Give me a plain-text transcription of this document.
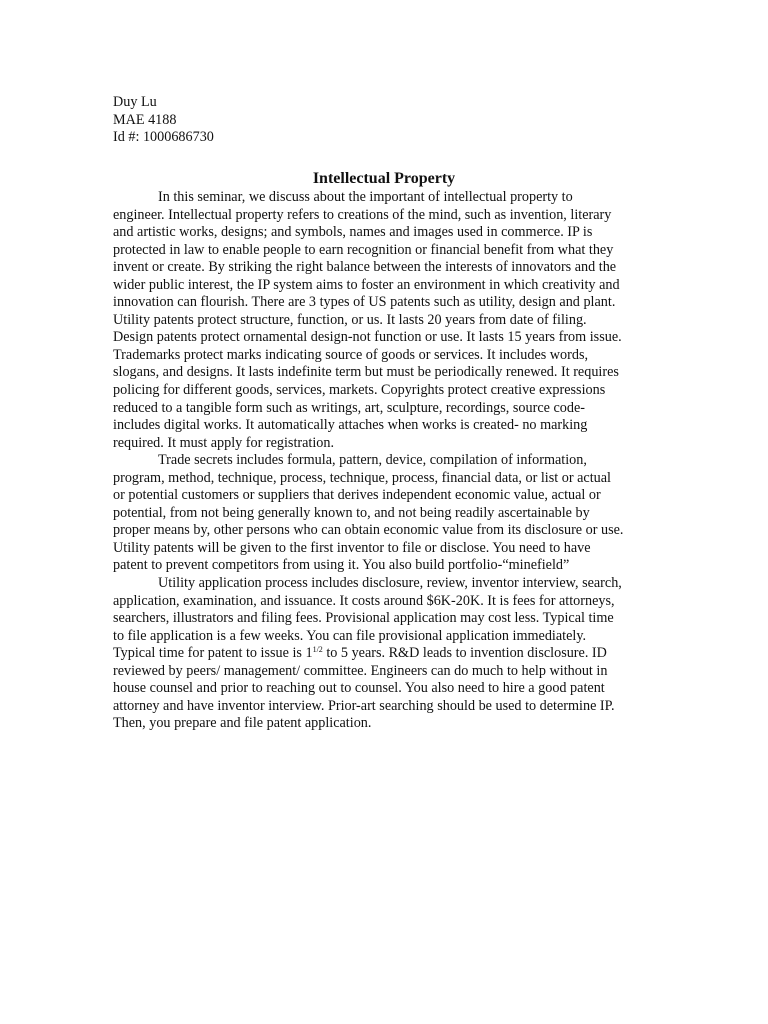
Duy Lu
MAE 4188
Id #: 1000686730
Intellectual Property
In this seminar, we discuss about the important of intellectual property to
engineer. Intellectual property refers to creations of the mind, such as invention, literary
and artistic works, designs; and symbols, names and images used in commerce. IP is
protected in law to enable people to earn recognition or financial benefit from what they
invent or create. By striking the right balance between the interests of innovators and the
wider public interest, the IP system aims to foster an environment in which creativity and
innovation can flourish. There are 3 types of US patents such as utility, design and plant.
Utility patents protect structure, function, or us. It lasts 20 years from date of filing.
Design patents protect ornamental design-not function or use. It lasts 15 years from issue.
Trademarks protect marks indicating source of goods or services. It includes words,
slogans, and designs. It lasts indefinite term but must be periodically renewed. It requires
policing for different goods, services, markets. Copyrights protect creative expressions
reduced to a tangible form such as writings, art, sculpture, recordings, source code-
includes digital works. It automatically attaches when works is created- no marking
required. It must apply for registration.
Trade secrets includes formula, pattern, device, compilation of information,
program, method, technique, process, technique, process, financial data, or list or actual
or potential customers or suppliers that derives independent economic value, actual or
potential, from not being generally known to, and not being readily ascertainable by
proper means by, other persons who can obtain economic value from its disclosure or use.
Utility patents will be given to the first inventor to file or disclose. You need to have
patent to prevent competitors from using it. You also build portfolio-“minefield”
Utility application process includes disclosure, review, inventor interview, search,
application, examination, and issuance. It costs around $6K-20K. It is fees for attorneys,
searchers, illustrators and filing fees. Provisional application may cost less. Typical time
to file application is a few weeks. You can file provisional application immediately.
Typical time for patent to issue is $1^{1/2}$ to 5 years. R&D leads to invention disclosure. ID
reviewed by peers/ management/ committee. Engineers can do much to help without in
house counsel and prior to reaching out to counsel. You also need to hire a good patent
attorney and have inventor interview. Prior-art searching should be used to determine IP.
Then, you prepare and file patent application.
